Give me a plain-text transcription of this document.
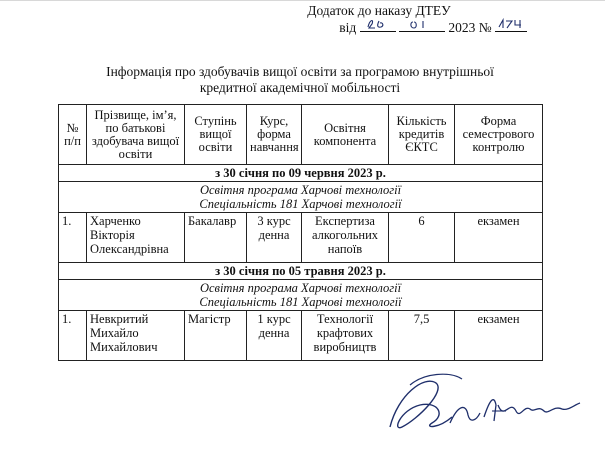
Додаток до наказу ДТЕУ
від
	2023 №
Інформація про здобувачів вищої освіти за програмою внутрішньої
кредитної академічної мобільності
№ п/п	Прізвище, ім’я, по батькові здобувача вищої освіти	Ступінь вищої освіти	Курс, форма навчання	Освітня компонента	Кількість кредитів ЄКТС	Форма семестрового контролю
з 30 січня по 09 червня 2023 р.						

Освітня програма Харчові технології
Спеціальність 181 Харчові технології						

1.	Харченко Вікторія Олександрівна	Бакалавр	3 курс денна	Експертиза алкогольних напоїв	6	екзамен
з 30 січня по 05 травня 2023 р.						

Освітня програма Харчові технології
Спеціальність 181 Харчові технології						

1.	Невкритий Михайло Михайлович	Магістр	1 курс денна	Технології крафтових виробництв	7,5	екзамен
